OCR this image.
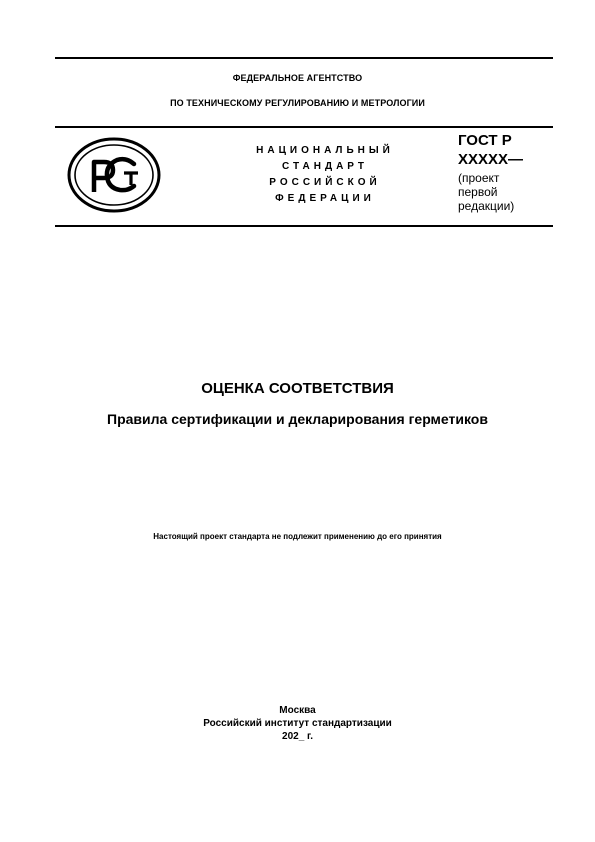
ФЕДЕРАЛЬНОЕ АГЕНТСТВО
ПО ТЕХНИЧЕСКОМУ РЕГУЛИРОВАНИЮ И МЕТРОЛОГИИ
НАЦИОНАЛЬНЫЙ
СТАНДАРТ
РОССИЙСКОЙ
ФЕДЕРАЦИИ
ГОСТ Р
XXXXX—
(проект
первой
редакции)
ОЦЕНКА СООТВЕТСТВИЯ
Правила сертификации и декларирования герметиков
Настоящий проект стандарта не подлежит применению до его принятия
Москва
Российский институт стандартизации
202_ г.
